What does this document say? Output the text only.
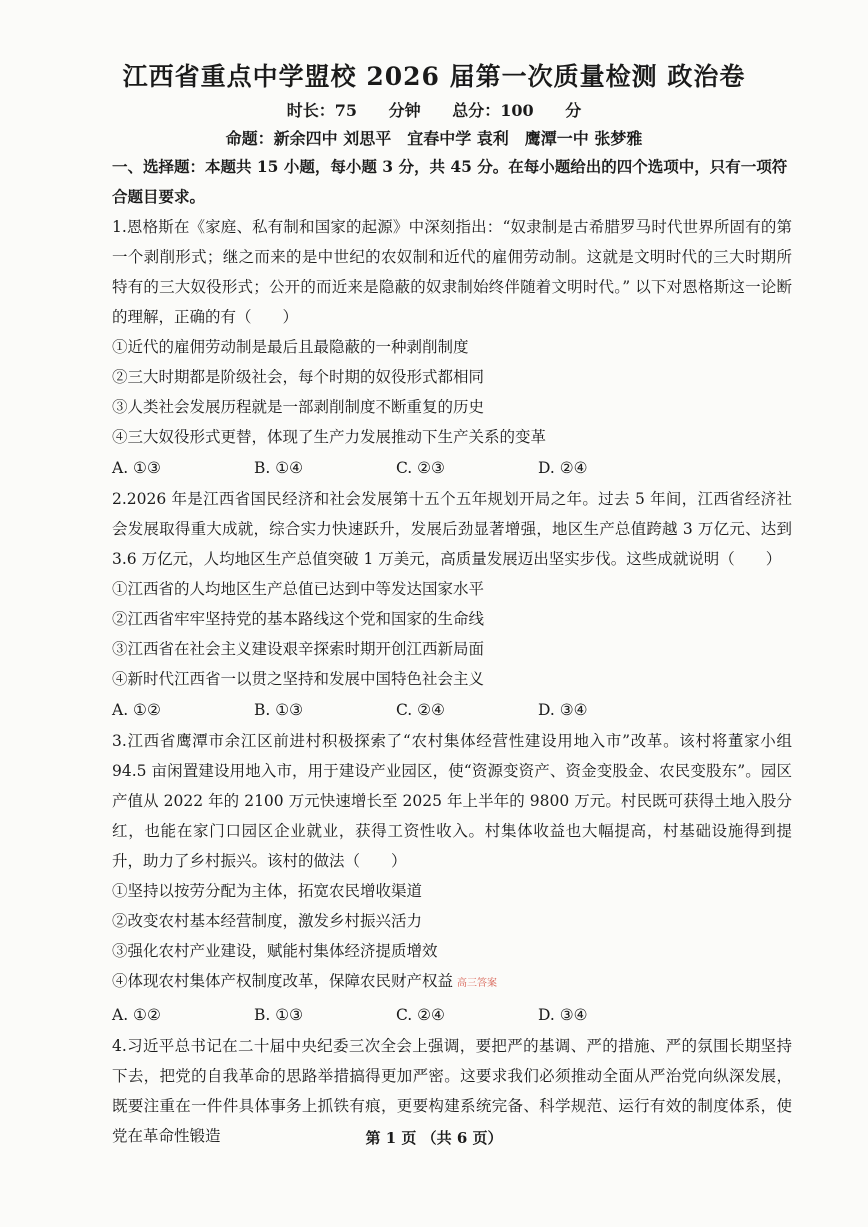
江西省重点中学盟校 2026 届第一次质量检测 政治卷
时长：75 分钟 总分：100 分
命题：新余四中 刘思平　宜春中学 袁利　鹰潭一中 张梦雅
一、选择题：本题共 15 小题，每小题 3 分，共 45 分。在每小题给出的四个选项中，只有一项符合题目要求。

1.恩格斯在《家庭、私有制和国家的起源》中深刻指出：“奴隶制是古希腊罗马时代世界所固有的第一个剥削形式；继之而来的是中世纪的农奴制和近代的雇佣劳动制。这就是文明时代的三大时期所特有的三大奴役形式；公开的而近来是隐蔽的奴隶制始终伴随着文明时代。” 以下对恩格斯这一论断的理解，正确的有（　　）

①近代的雇佣劳动制是最后且最隐蔽的一种剥削制度

②三大时期都是阶级社会，每个时期的奴役形式都相同

③人类社会发展历程就是一部剥削制度不断重复的历史

④三大奴役形式更替，体现了生产力发展推动下生产关系的变革

A. ①③	B. ①④	C. ②③	D. ②④

2.2026 年是江西省国民经济和社会发展第十五个五年规划开局之年。过去 5 年间，江西省经济社会发展取得重大成就，综合实力快速跃升，发展后劲显著增强，地区生产总值跨越 3 万亿元、达到 3.6 万亿元，人均地区生产总值突破 1 万美元，高质量发展迈出坚实步伐。这些成就说明（　　）

①江西省的人均地区生产总值已达到中等发达国家水平

②江西省牢牢坚持党的基本路线这个党和国家的生命线

③江西省在社会主义建设艰辛探索时期开创江西新局面

④新时代江西省一以贯之坚持和发展中国特色社会主义

A. ①②	B. ①③	C. ②④	D. ③④

3.江西省鹰潭市余江区前进村积极探索了“农村集体经营性建设用地入市”改革。该村将董家小组 94.5 亩闲置建设用地入市，用于建设产业园区，使“资源变资产、资金变股金、农民变股东”。园区产值从 2022 年的 2100 万元快速增长至 2025 年上半年的 9800 万元。村民既可获得土地入股分红，也能在家门口园区企业就业，获得工资性收入。村集体收益也大幅提高，村基础设施得到提升，助力了乡村振兴。该村的做法（　　）

①坚持以按劳分配为主体，拓宽农民增收渠道

②改变农村基本经营制度，激发乡村振兴活力

③强化农村产业建设，赋能村集体经济提质增效

④体现农村集体产权制度改革，保障农民财产权益 高三答案

A. ①②	B. ①③	C. ②④	D. ③④

4.习近平总书记在二十届中央纪委三次全会上强调，要把严的基调、严的措施、严的氛围长期坚持下去，把党的自我革命的思路举措搞得更加严密。这要求我们必须推动全面从严治党向纵深发展，既要注重在一件件具体事务上抓铁有痕，更要构建系统完备、科学规范、运行有效的制度体系，使党在革命性锻造	第 1 页 （共 6 页）
